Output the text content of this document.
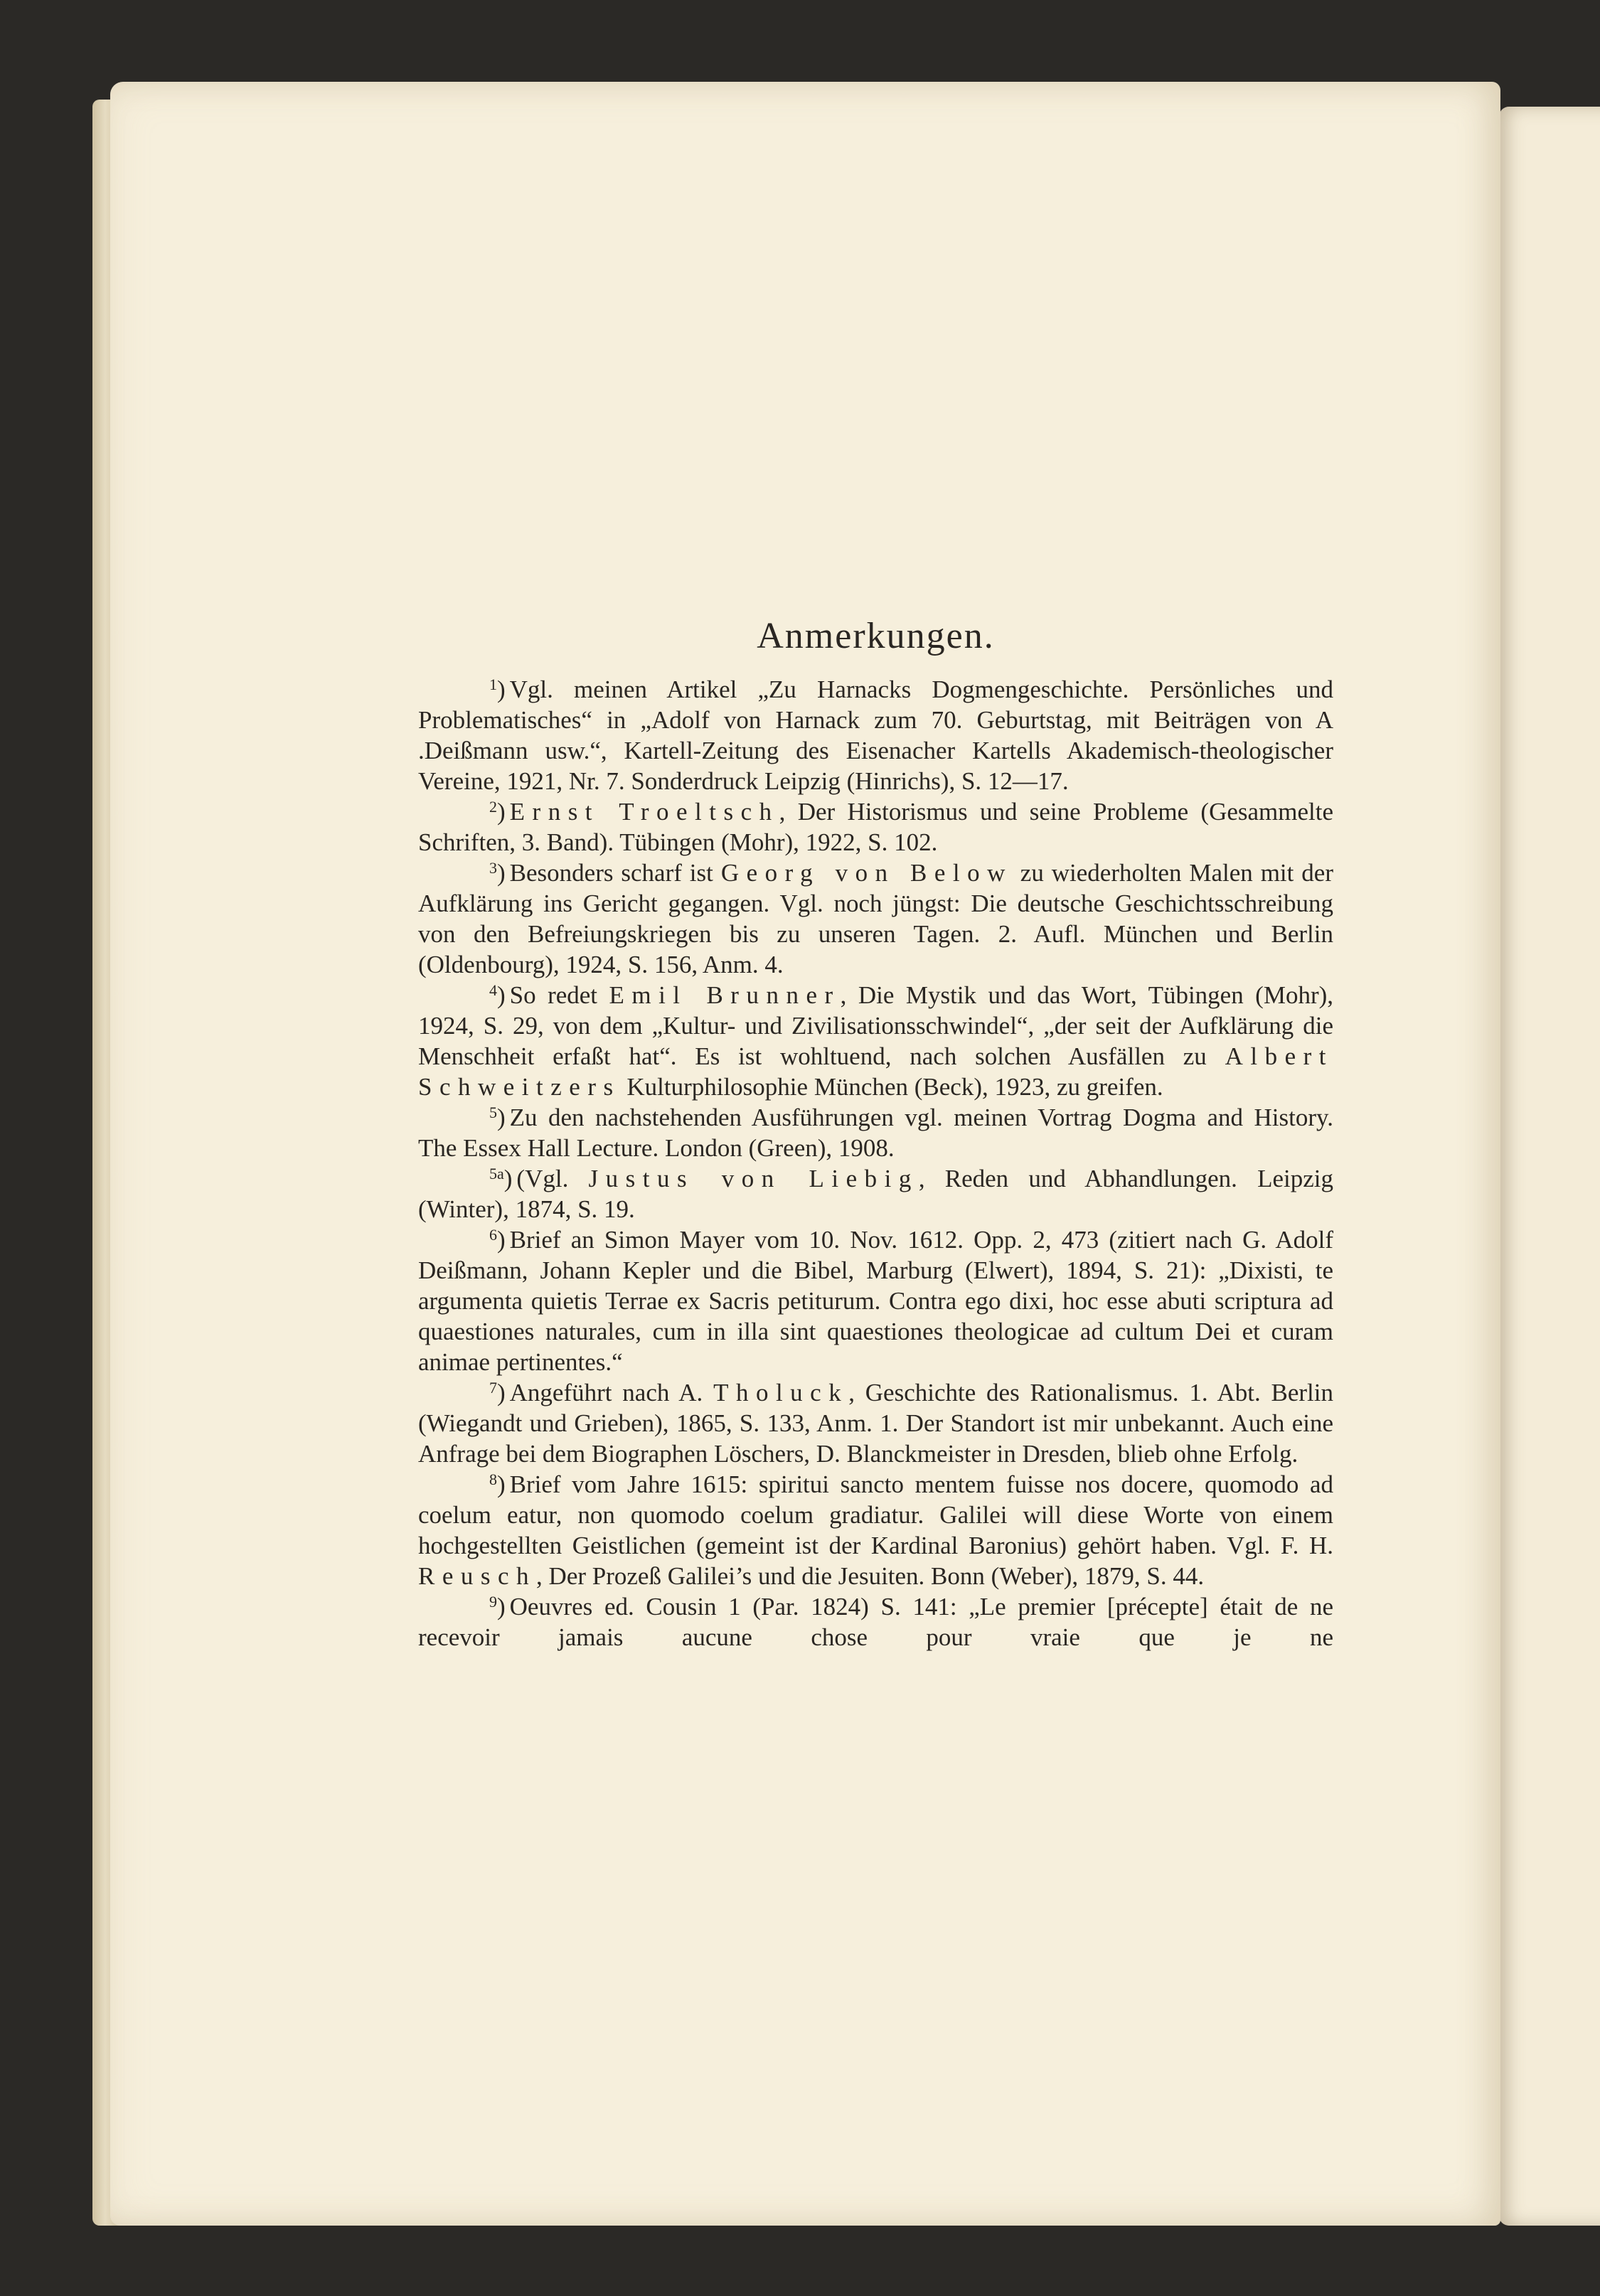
Anmerkungen.

$^1$) Vgl. meinen Artikel „Zu Harnacks Dogmengeschichte. Persönliches und Problematisches“ in „Adolf von Harnack zum 70. Geburtstag, mit Beiträgen von A .Deißmann usw.“, Kartell-Zeitung des Eisenacher Kartells Akademisch-theologischer Vereine, 1921, Nr. 7. Sonderdruck Leipzig (Hinrichs), S. 12—17.

$^2$) Ernst Troeltsch, Der Historismus und seine Probleme (Gesammelte Schriften, 3. Band). Tübingen (Mohr), 1922, S. 102.

$^3$) Besonders scharf ist Georg von Below zu wiederholten Malen mit der Aufklärung ins Gericht gegangen. Vgl. noch jüngst: Die deutsche Geschichtsschreibung von den Befreiungskriegen bis zu unseren Tagen. 2. Aufl. München und Berlin (Oldenbourg), 1924, S. 156, Anm. 4.

$^4$) So redet Emil Brunner, Die Mystik und das Wort, Tübingen (Mohr), 1924, S. 29, von dem „Kultur- und Zivilisationsschwindel“, „der seit der Aufklärung die Menschheit erfaßt hat“. Es ist wohltuend, nach solchen Ausfällen zu Albert Schweitzers Kulturphilosophie München (Beck), 1923, zu greifen.

$^5$) Zu den nachstehenden Ausführungen vgl. meinen Vortrag Dogma and History. The Essex Hall Lecture. London (Green), 1908.

$^{5a}$) (Vgl. Justus von Liebig, Reden und Abhandlungen. Leipzig (Winter), 1874, S. 19.

$^6$) Brief an Simon Mayer vom 10. Nov. 1612. Opp. 2, 473 (zitiert nach G. Adolf Deißmann, Johann Kepler und die Bibel, Marburg (Elwert), 1894, S. 21): „Dixisti, te argumenta quietis Terrae ex Sacris petiturum. Contra ego dixi, hoc esse abuti scriptura ad quaestiones naturales, cum in illa sint quaestiones theologicae ad cultum Dei et curam animae pertinentes.“

$^7$) Angeführt nach A. Tholuck, Geschichte des Rationalismus. 1. Abt. Berlin (Wiegandt und Grieben), 1865, S. 133, Anm. 1. Der Standort ist mir unbekannt. Auch eine Anfrage bei dem Biographen Löschers, D. Blanckmeister in Dresden, blieb ohne Erfolg.

$^8$) Brief vom Jahre 1615: spiritui sancto mentem fuisse nos docere, quomodo ad coelum eatur, non quomodo coelum gradiatur. Galilei will diese Worte von einem hochgestellten Geistlichen (gemeint ist der Kardinal Baronius) gehört haben. Vgl. F. H. Reusch, Der Prozeß Galilei’s und die Jesuiten. Bonn (Weber), 1879, S. 44.

$^9$) Oeuvres ed. Cousin 1 (Par. 1824) S. 141: „Le premier [précepte] était de ne recevoir jamais aucune chose pour vraie que je ne
